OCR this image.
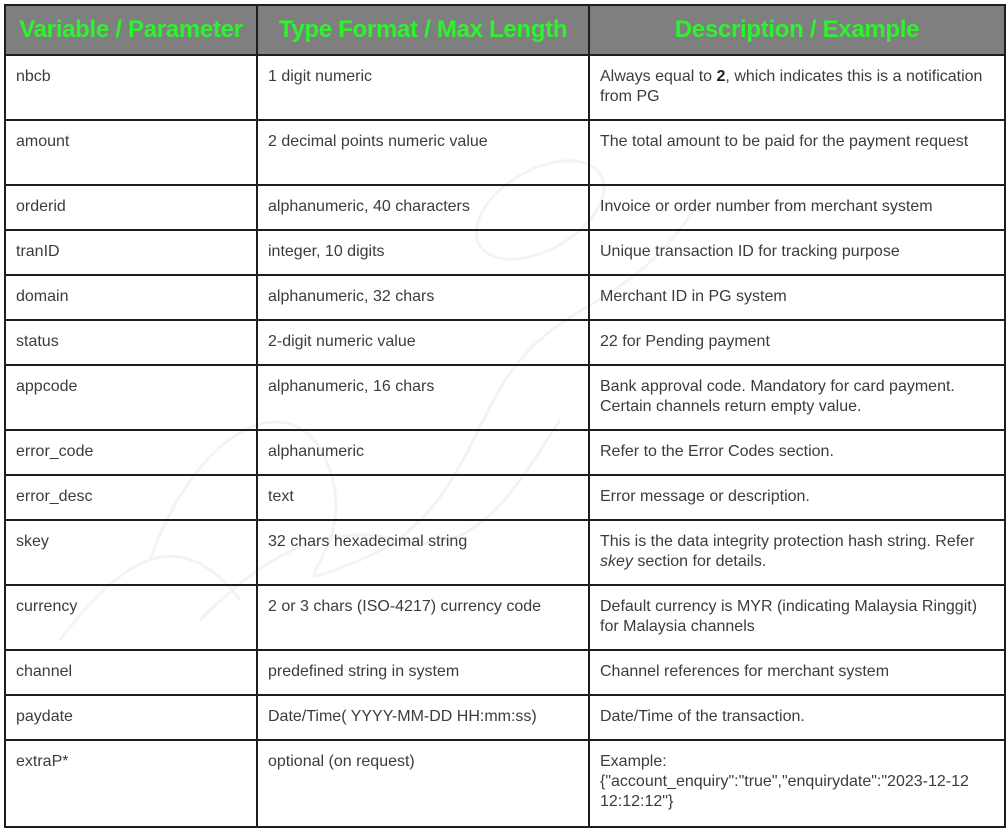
Variable / Parameter	Type Format / Max Length	Description / Example
nbcb	1 digit numeric	Always equal to 2, which indicates this is a notification from PG
amount	2 decimal points numeric value	The total amount to be paid for the payment request
orderid	alphanumeric, 40 characters	Invoice or order number from merchant system
tranID	integer, 10 digits	Unique transaction ID for tracking purpose
domain	alphanumeric, 32 chars	Merchant ID in PG system
status	2-digit numeric value	22 for Pending payment
appcode	alphanumeric, 16 chars	Bank approval code. Mandatory for card payment. Certain channels return empty value.
error_code	alphanumeric	Refer to the Error Codes section.
error_desc	text	Error message or description.
skey	32 chars hexadecimal string	This is the data integrity protection hash string. Refer skey section for details.
currency	2 or 3 chars (ISO-4217) currency code	Default currency is MYR (indicating Malaysia Ringgit) for Malaysia channels
channel	predefined string in system	Channel references for merchant system
paydate	Date/Time( YYYY-MM-DD HH:mm:ss)	Date/Time of the transaction.
extraP*	optional (on request)	Example:
{"account_enquiry":"true","enquirydate":"2023-12-12 12:12:12"}
